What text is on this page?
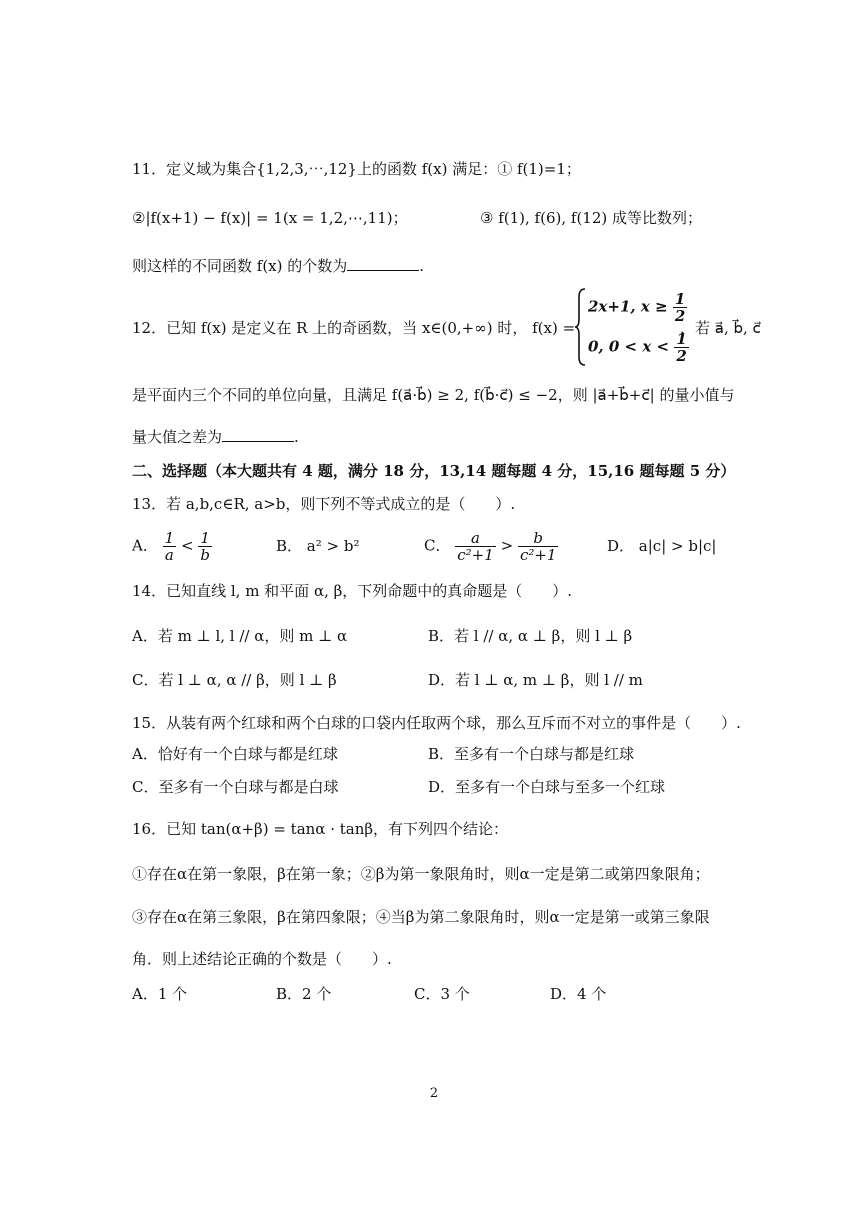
11．定义域为集合{1,2,3,⋯,12}上的函数 f(x) 满足：① f(1)=1；
②|f(x+1) − f(x)| = 1(x = 1,2,⋯,11)；	③ f(1), f(6), f(12) 成等比数列；
则这样的不同函数 f(x) 的个数为	.
12．已知 f(x) 是定义在 R 上的奇函数，当 x∈(0,+∞) 时， f(x) =
2x+1, $x \ge \frac{1}{2}$
0, $0 < x < \frac{1}{2}$
，若 a⃗, b⃗, c⃗
是平面内三个不同的单位向量，且满足 f(a⃗·b⃗) ≥ 2, f(b⃗·c⃗) ≤ −2，则 |a⃗+b⃗+c⃗| 的量小值与
量大值之差为	.
二、选择题（本大题共有 4 题，满分 18 分，13,14 题每题 4 分，15,16 题每题 5 分）
13．若 a,b,c∈R, a>b，则下列不等式成立的是（　　）.
A． $\frac{1}{a} < \frac{1}{b}$	B． a² > b²	C． $\frac{a}{\text{c²+1}} > \frac{b}{\text{c²+1}}$	D． a|c| > b|c|
14．已知直线 l, m 和平面 α, β，下列命题中的真命题是（　　）.
A．若 m ⊥ l, l // α，则 m ⊥ α	B．若 l // α, α ⊥ β，则 l ⊥ β
C．若 l ⊥ α, α // β，则 l ⊥ β	D．若 l ⊥ α, m ⊥ β，则 l // m
15．从装有两个红球和两个白球的口袋内任取两个球，那么互斥而不对立的事件是（　　）.
A．恰好有一个白球与都是红球	B．至多有一个白球与都是红球
C．至多有一个白球与都是白球	D．至多有一个白球与至多一个红球
16．已知 tan(α+β) = tanα · tanβ，有下列四个结论：
①存在α在第一象限，β在第一象；②β为第一象限角时，则α一定是第二或第四象限角；
③存在α在第三象限，β在第四象限；④当β为第二象限角时，则α一定是第一或第三象限
角．则上述结论正确的个数是（　　）.
A．1 个	B．2 个	C．3 个	D．4 个
2
